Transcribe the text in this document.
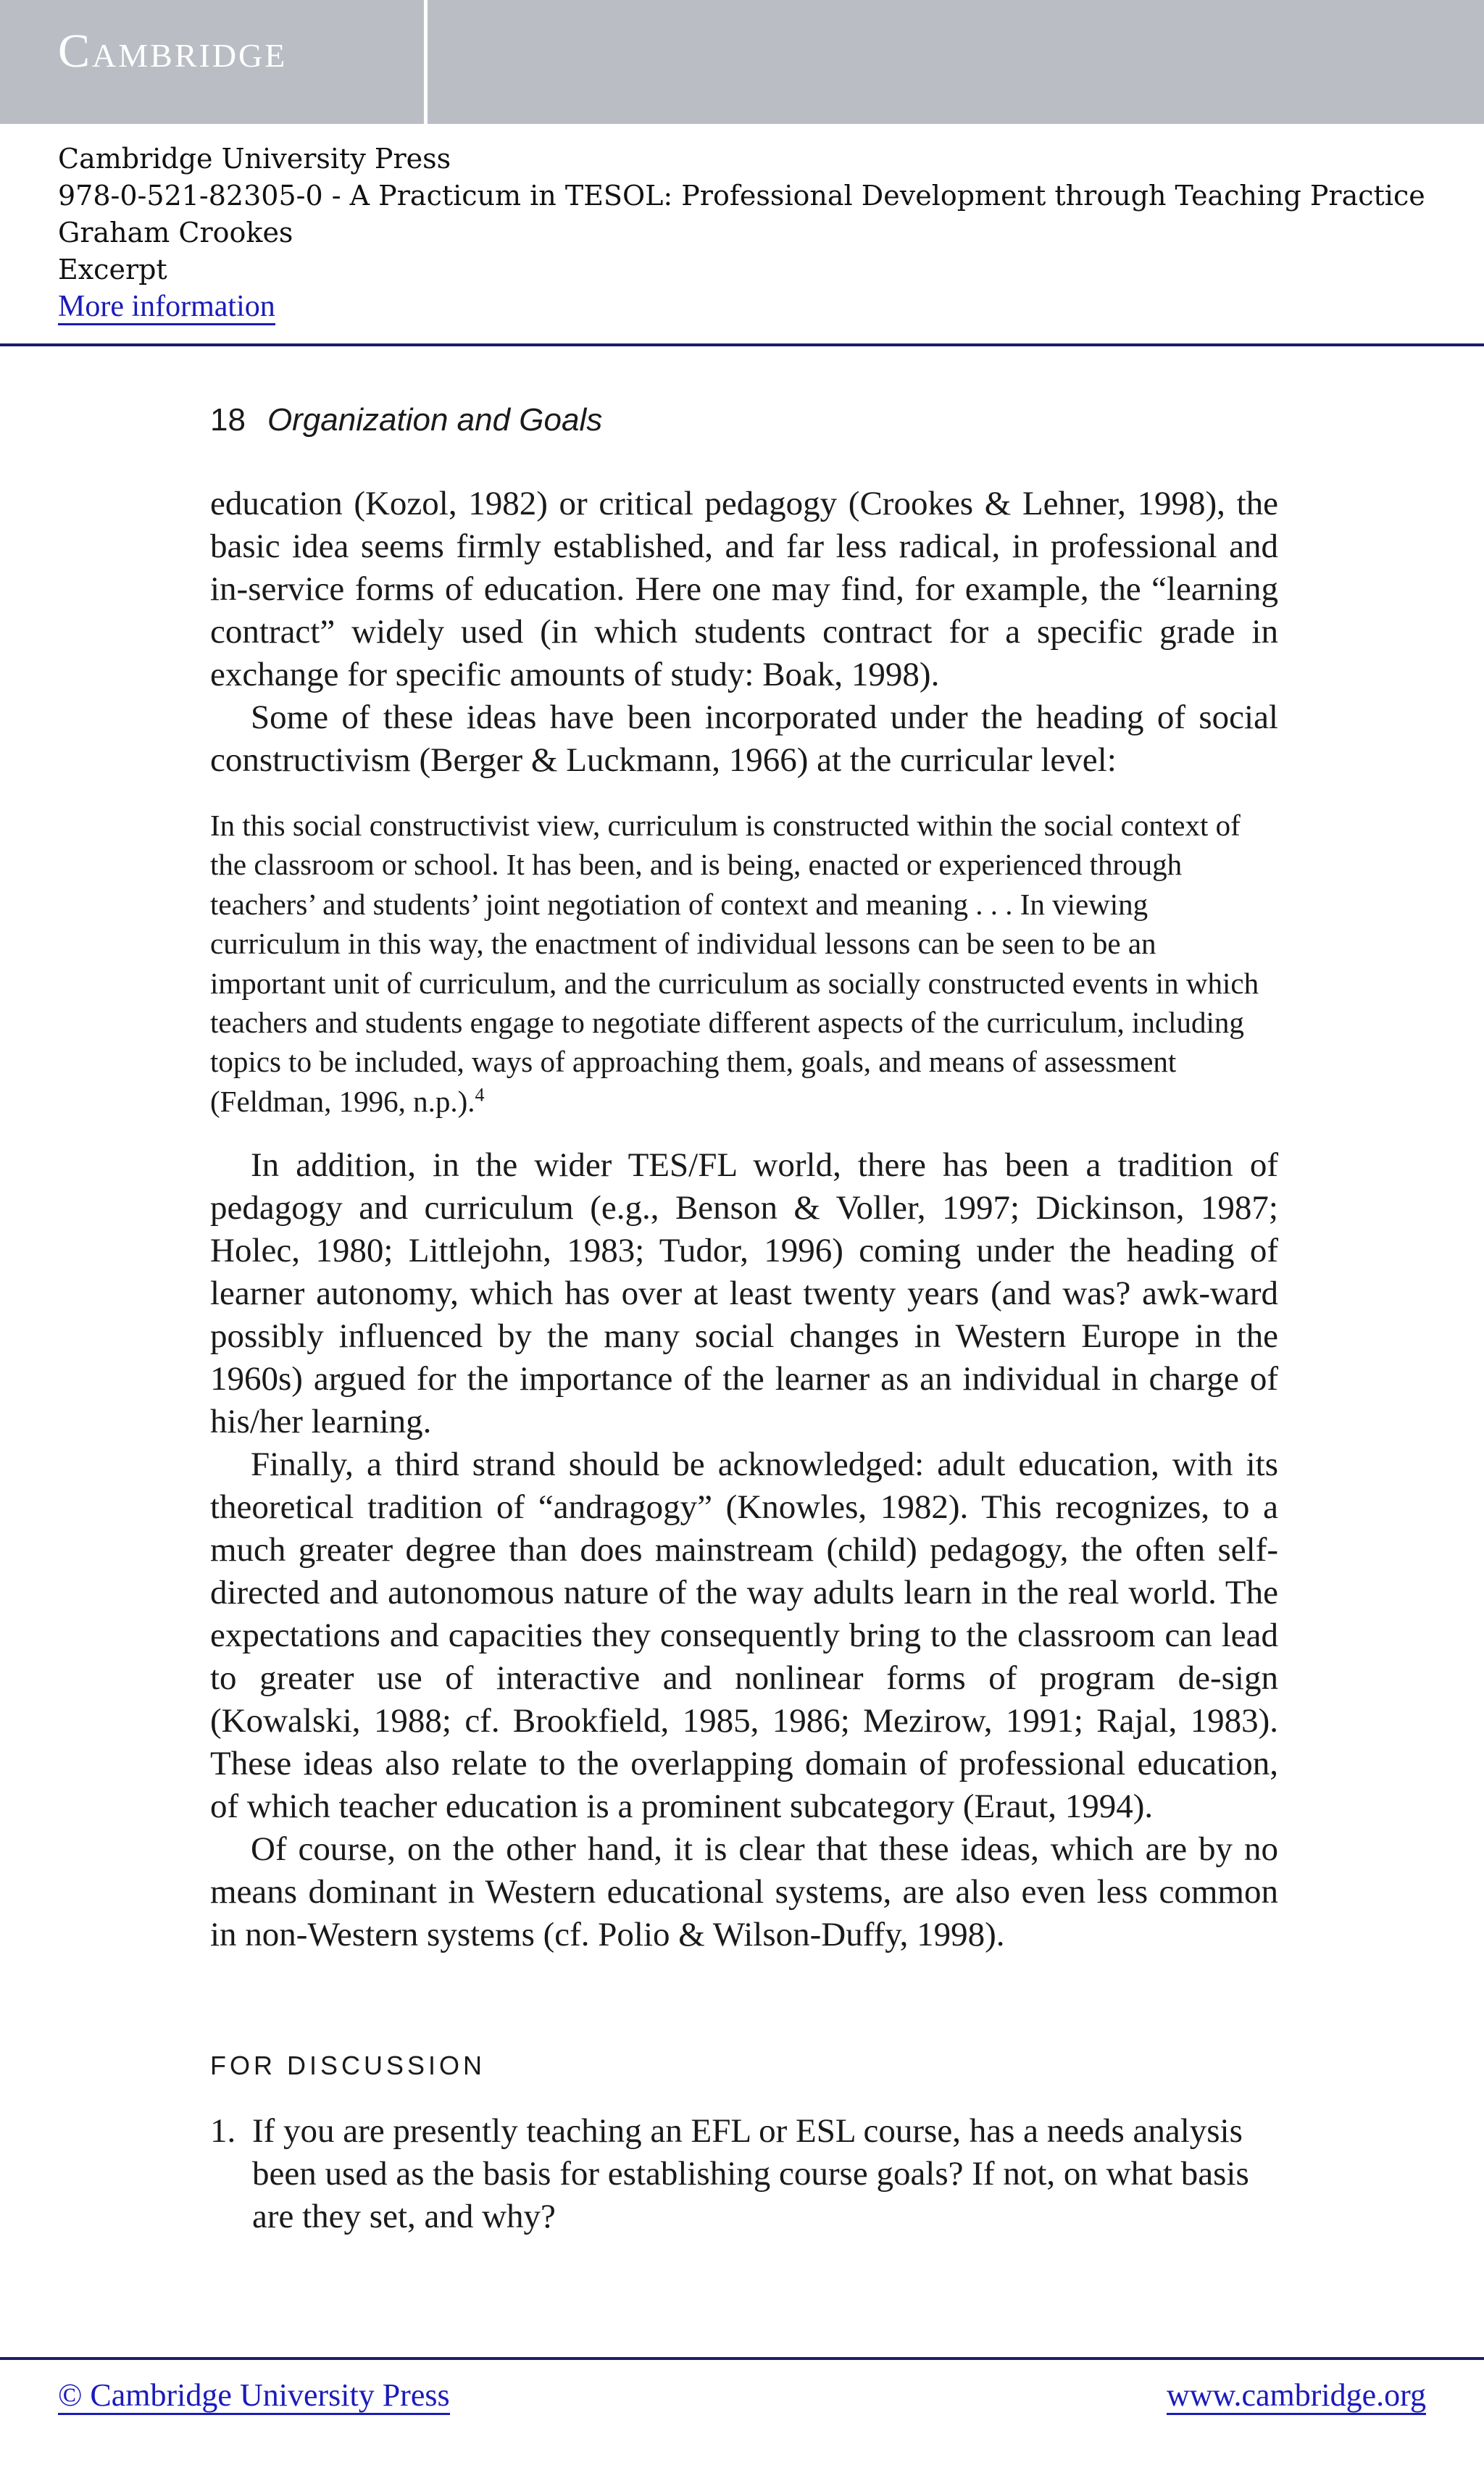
Cambridge
Cambridge University Press
978-0-521-82305-0 - A Practicum in TESOL: Professional Development through Teaching Practice
Graham Crookes
Excerpt
More information
18 Organization and Goals

education (Kozol, 1982) or critical pedagogy (Crookes & Lehner, 1998), the basic idea seems firmly established, and far less radical, in professional and in-service forms of education. Here one may find, for example, the “learning contract” widely used (in which students contract for a specific grade in exchange for specific amounts of study: Boak, 1998).

Some of these ideas have been incorporated under the heading of social constructivism (Berger & Luckmann, 1966) at the curricular level:

In this social constructivist view, curriculum is constructed within the social context of the classroom or school. It has been, and is being, enacted or experienced through teachers’ and students’ joint negotiation of context and meaning . . . In viewing curriculum in this way, the enactment of individual lessons can be seen to be an important unit of curriculum, and the curriculum as socially constructed events in which teachers and students engage to negotiate different aspects of the curriculum, including topics to be included, ways of approaching them, goals, and means of assessment (Feldman, 1996, n.p.).$^4$

In addition, in the wider TES/FL world, there has been a tradition of pedagogy and curriculum (e.g., Benson & Voller, 1997; Dickinson, 1987; Holec, 1980; Littlejohn, 1983; Tudor, 1996) coming under the heading of learner autonomy, which has over at least twenty years (and was? awk-ward possibly influenced by the many social changes in Western Europe in the 1960s) argued for the importance of the learner as an individual in charge of his/her learning.

Finally, a third strand should be acknowledged: adult education, with its theoretical tradition of “andragogy” (Knowles, 1982). This recognizes, to a much greater degree than does mainstream (child) pedagogy, the often self-directed and autonomous nature of the way adults learn in the real world. The expectations and capacities they consequently bring to the classroom can lead to greater use of interactive and nonlinear forms of program de-sign (Kowalski, 1988; cf. Brookfield, 1985, 1986; Mezirow, 1991; Rajal, 1983). These ideas also relate to the overlapping domain of professional education, of which teacher education is a prominent subcategory (Eraut, 1994).

Of course, on the other hand, it is clear that these ideas, which are by no means dominant in Western educational systems, are also even less common in non-Western systems (cf. Polio & Wilson-Duffy, 1998).

FOR DISCUSSION
1. If you are presently teaching an EFL or ESL course, has a needs analysis been used as the basis for establishing course goals? If not, on what basis are they set, and why?
© Cambridge University Press	www.cambridge.org
